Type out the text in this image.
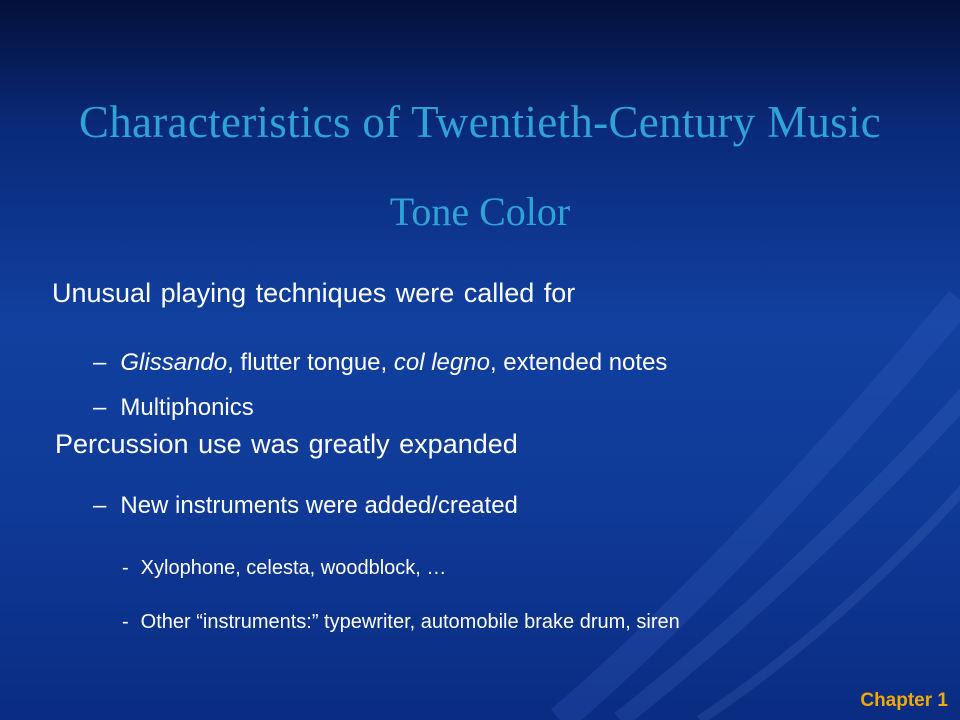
Characteristics of Twentieth-Century Music
Tone Color
Unusual playing techniques were called for
– Glissando, flutter tongue, col legno, extended notes
– Multiphonics
Percussion use was greatly expanded
– New instruments were added/created
- Xylophone, celesta, woodblock, …
- Other “instruments:” typewriter, automobile brake drum, siren
Chapter 1
